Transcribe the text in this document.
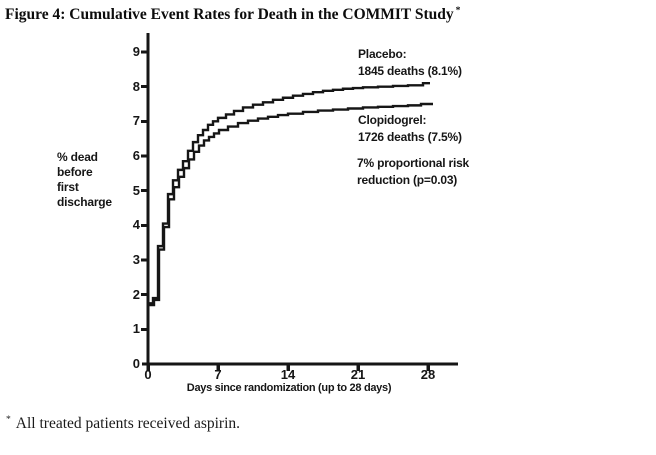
Figure 4: Cumulative Event Rates for Death in the COMMIT Study *
% dead
before
first
discharge
0
1
2
3
4
5
6
7
8
9
0	7	14	21	28
Days since randomization (up to 28 days)
Placebo:
1845 deaths (8.1%)
Clopidogrel:
1726 deaths (7.5%)
7% proportional risk
reduction (p=0.03)
* All treated patients received aspirin.
